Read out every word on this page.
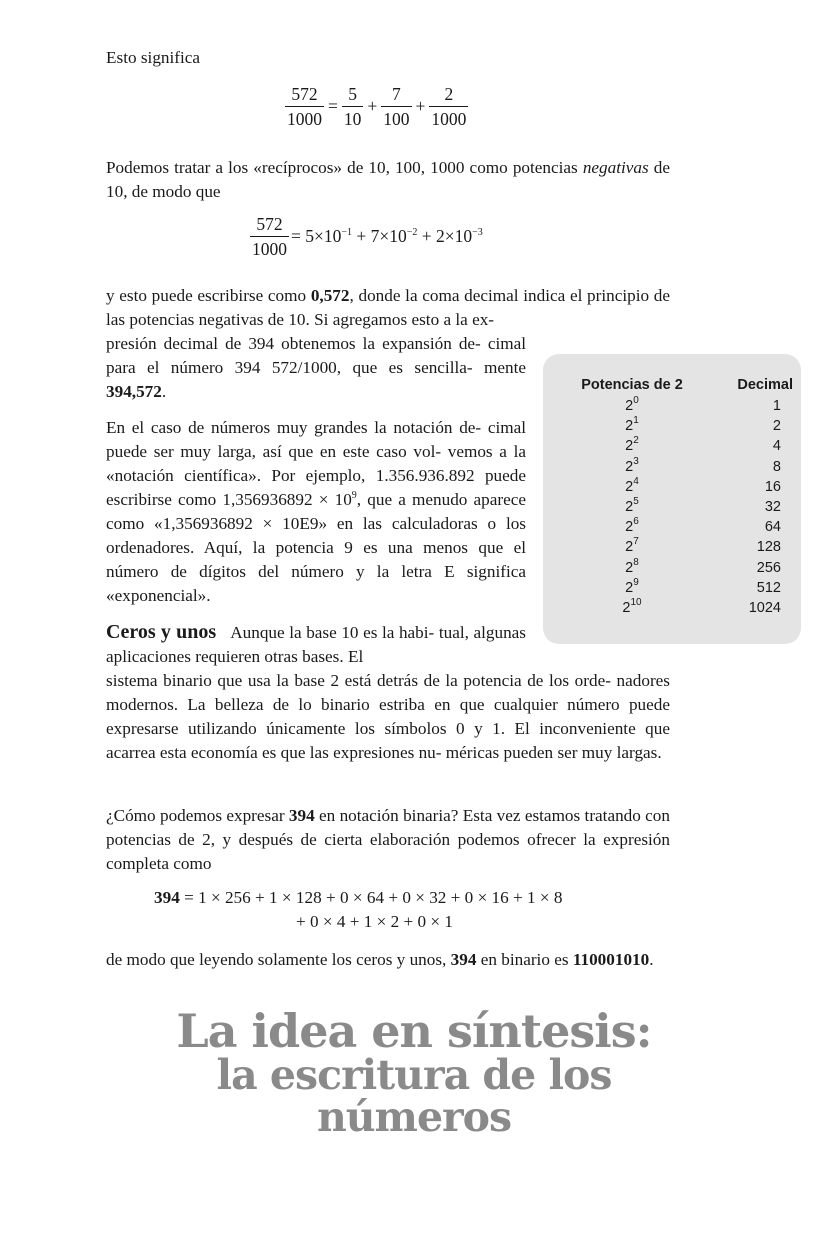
Esto significa
$\frac{572}{1000} = \frac{5}{10} + \frac{7}{100} + \frac{2}{1000}$

Podemos tratar a los «recíprocos» de 10, 100, 1000 como potencias negativas de 10, de modo que

$\frac{572}{1000} = 5\times 10^{-1} + 7\times 10^{-2} + 2\times 10^{-3}$

y esto puede escribirse como 0,572, donde la coma decimal indica el principio de las potencias negativas de 10. Si agregamos esto a la ex-
presión decimal de 394 obtenemos la expansión de- cimal para el número 394 572/1000, que es sencilla- mente 394,572.

En el caso de números muy grandes la notación de- cimal puede ser muy larga, así que en este caso vol- vemos a la «notación científica». Por ejemplo, 1.356.936.892 puede escribirse como $1,356936892 \times 10^9$, que a menudo aparece como «1,356936892 × 10E9» en las calculadoras o los ordenadores. Aquí, la potencia 9 es una menos que el número de dígitos del número y la letra E significa «exponencial».

Ceros y unos Aunque la base 10 es la habi- tual, algunas aplicaciones requieren otras bases. El
sistema binario que usa la base 2 está detrás de la potencia de los orde- nadores modernos. La belleza de lo binario estriba en que cualquier número puede expresarse utilizando únicamente los símbolos 0 y 1. El inconveniente que acarrea esta economía es que las expresiones nu- méricas pueden ser muy largas.

¿Cómo podemos expresar 394 en notación binaria? Esta vez estamos tratando con potencias de 2, y después de cierta elaboración podemos ofrecer la expresión completa como

394 = 1 × 256 + 1 × 128 + 0 × 64 + 0 × 32 + 0 × 16 + 1 × 8
+ 0 × 4 + 1 × 2 + 0 × 1

de modo que leyendo solamente los ceros y unos, 394 en binario es 110001010.

Potencias de 2	Decimal
$2^0$	1
$2^1$	2
$2^2$	4
$2^3$	8
$2^4$	16
$2^5$	32
$2^6$	64
$2^7$	128
$2^8$	256
$2^9$	512
$2^{10}$	1024
La idea en síntesis:
la escritura de los
números
